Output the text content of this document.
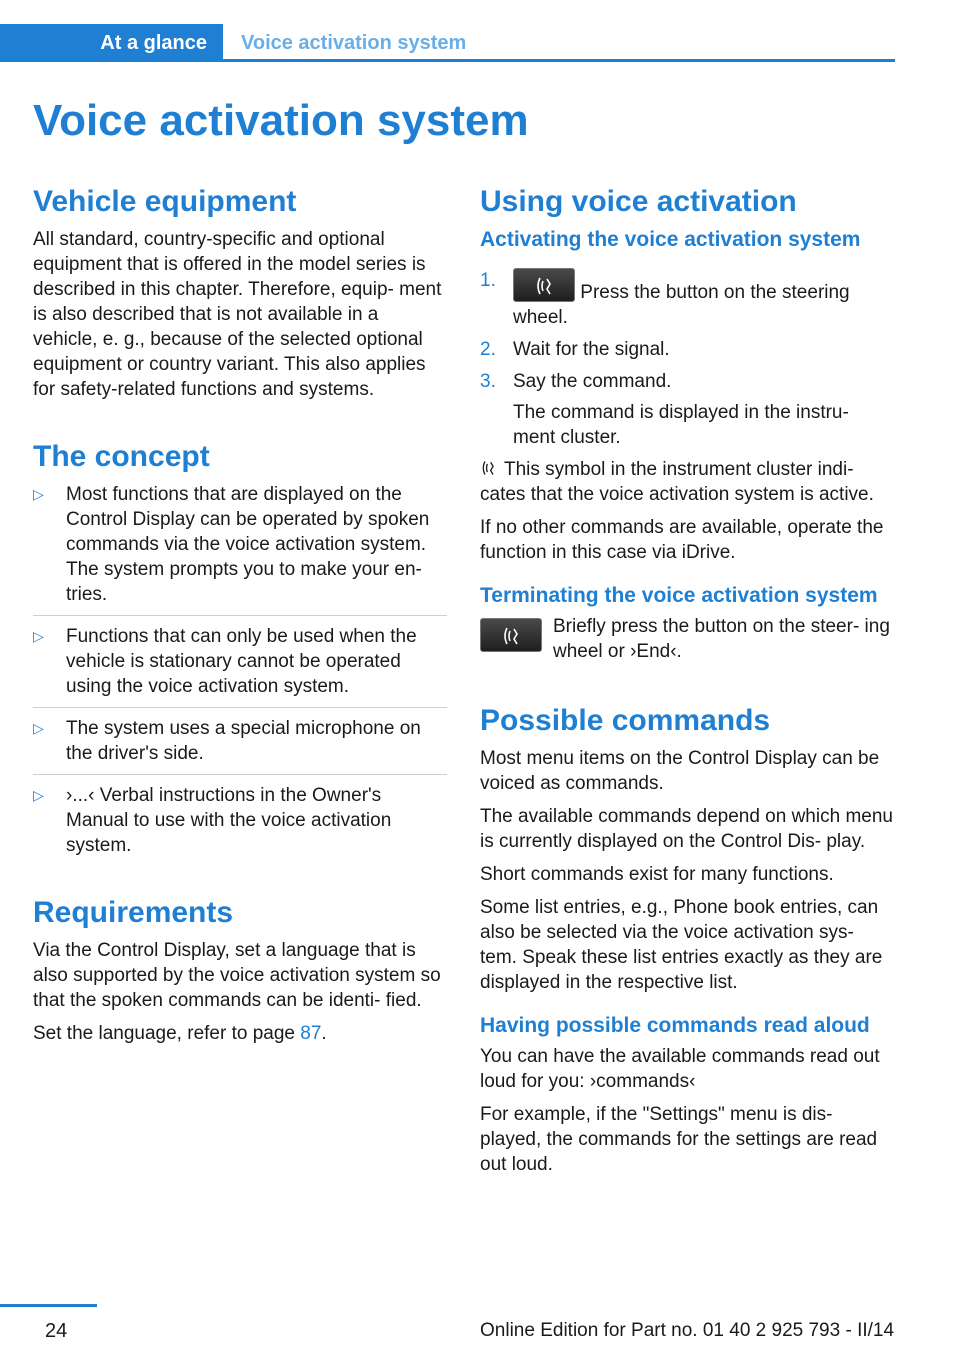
At a glance	Voice activation system
Voice activation system
Vehicle equipment

All standard, country-specific and optional equipment that is offered in the model series is described in this chapter. Therefore, equip‐ ment is also described that is not available in a vehicle, e. g., because of the selected optional equipment or country variant. This also applies for safety-related functions and systems.

The concept
▷ Most functions that are displayed on the Control Display can be operated by spoken commands via the voice activation system. The system prompts you to make your en‐ tries.
▷ Functions that can only be used when the vehicle is stationary cannot be operated using the voice activation system.
▷ The system uses a special microphone on the driver's side.
▷ ›...‹ Verbal instructions in the Owner's Manual to use with the voice activation system.
Requirements

Via the Control Display, set a language that is also supported by the voice activation system so that the spoken commands can be identi‐ fied.

Set the language, refer to page 87.

Using voice activation
Activating the voice activation system
1.
Press the button on the steering wheel.
2. Wait for the signal.
3. Say the command.

The command is displayed in the instru‐ ment cluster.

This symbol in the instrument cluster indi‐ cates that the voice activation system is active.

If no other commands are available, operate the function in this case via iDrive.

Terminating the voice activation system

Briefly press the button on the steer‐ ing wheel or ›End‹.

Possible commands

Most menu items on the Control Display can be voiced as commands.

The available commands depend on which menu is currently displayed on the Control Dis‐ play.

Short commands exist for many functions.

Some list entries, e.g., Phone book entries, can also be selected via the voice activation sys‐ tem. Speak these list entries exactly as they are displayed in the respective list.

Having possible commands read aloud

You can have the available commands read out loud for you: ›commands‹

For example, if the "Settings" menu is dis‐ played, the commands for the settings are read out loud.

24	Online Edition for Part no. 01 40 2 925 793 - II/14
